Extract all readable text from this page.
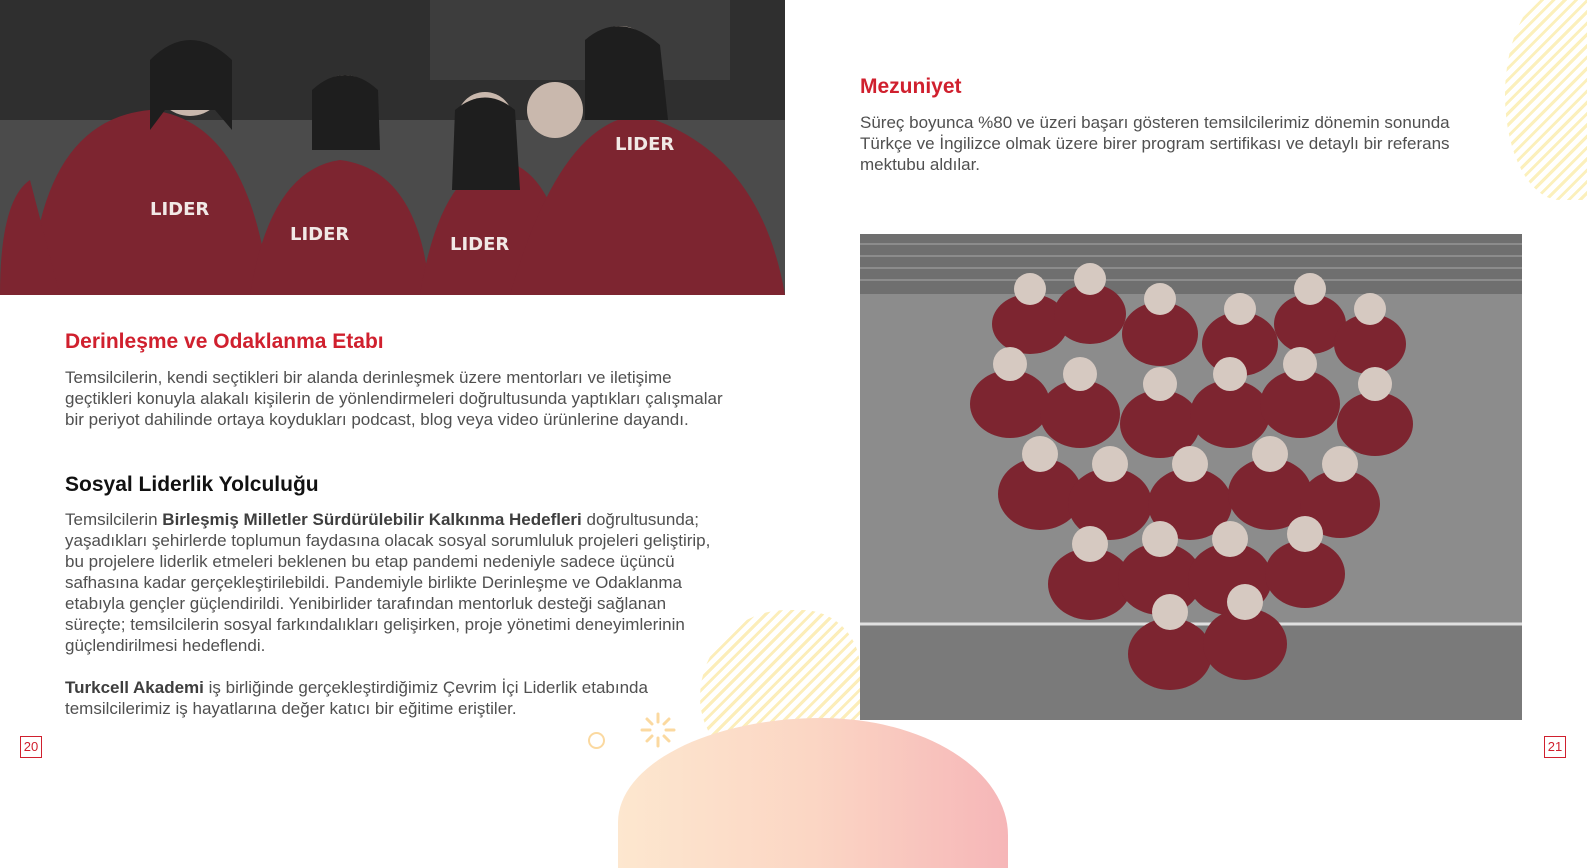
LIDER
LIDER	LIDER
LIDER
Derinleşme ve Odaklanma Etabı

Temsilcilerin, kendi seçtikleri bir alanda derinleşmek üzere mentorları ve iletişime geçtikleri konuyla alakalı kişilerin de yönlendirmeleri doğrultusunda yaptıkları çalışmalar bir periyot dahilinde ortaya koydukları podcast, blog veya video ürünlerine dayandı.

Sosyal Liderlik Yolculuğu

Temsilcilerin Birleşmiş Milletler Sürdürülebilir Kalkınma Hedefleri doğrultusunda; yaşadıkları şehirlerde toplumun faydasına olacak sosyal sorumluluk projeleri geliştirip, bu projelere liderlik etmeleri beklenen bu etap pandemi nedeniyle sadece üçüncü safhasına kadar gerçekleştirilebildi. Pandemiyle birlikte Derinleşme ve Odaklanma etabıyla gençler güçlendirildi. Yenibirlider tarafından mentorluk desteği sağlanan süreçte; temsilcilerin sosyal farkındalıkları gelişirken, proje yönetimi deneyimlerinin güçlendirilmesi hedeflendi.

Turkcell Akademi iş birliğinde gerçekleştirdiğimiz Çevrim İçi Liderlik etabında temsilcilerimiz iş hayatlarına değer katıcı bir eğitime eriştiler.

Mezuniyet

Süreç boyunca %80 ve üzeri başarı gösteren temsilcilerimiz dönemin sonunda Türkçe ve İngilizce olmak üzere birer program sertifikası ve detaylı bir referans mektubu aldılar.

20	21
